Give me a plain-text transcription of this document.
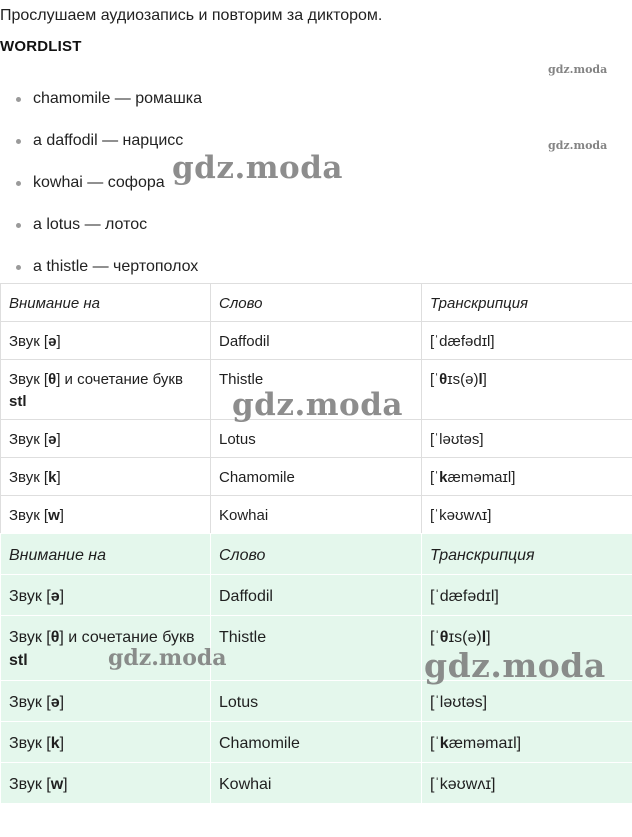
Прослушаем аудиозапись и повторим за диктором.
WORDLIST
chamomile — ромашка
a daffodil — нарцисс
kowhai — софора
a lotus — лотос
a thistle — чертополох
Внимание на	Слово	Транскрипция
Звук [ə]	Daffodil	[ˈdæfədɪl]
Звук [θ] и сочетание букв stl	Thistle	[ˈθɪs(ə)l]
Звук [ə]	Lotus	[ˈləʊtəs]
Звук [k]	Chamomile	[ˈkæməmaɪl]
Звук [w]	Kowhai	[ˈkəʊwʌɪ]
Внимание на	Слово	Транскрипция
Звук [ə]	Daffodil	[ˈdæfədɪl]
Звук [θ] и сочетание букв stl	Thistle	[ˈθɪs(ə)l]
Звук [ə]	Lotus	[ˈləʊtəs]
Звук [k]	Chamomile	[ˈkæməmaɪl]
Звук [w]	Kowhai	[ˈkəʊwʌɪ]
gdz.moda
gdz.moda
gdz.moda
gdz.moda
gdz.moda	gdz.moda
